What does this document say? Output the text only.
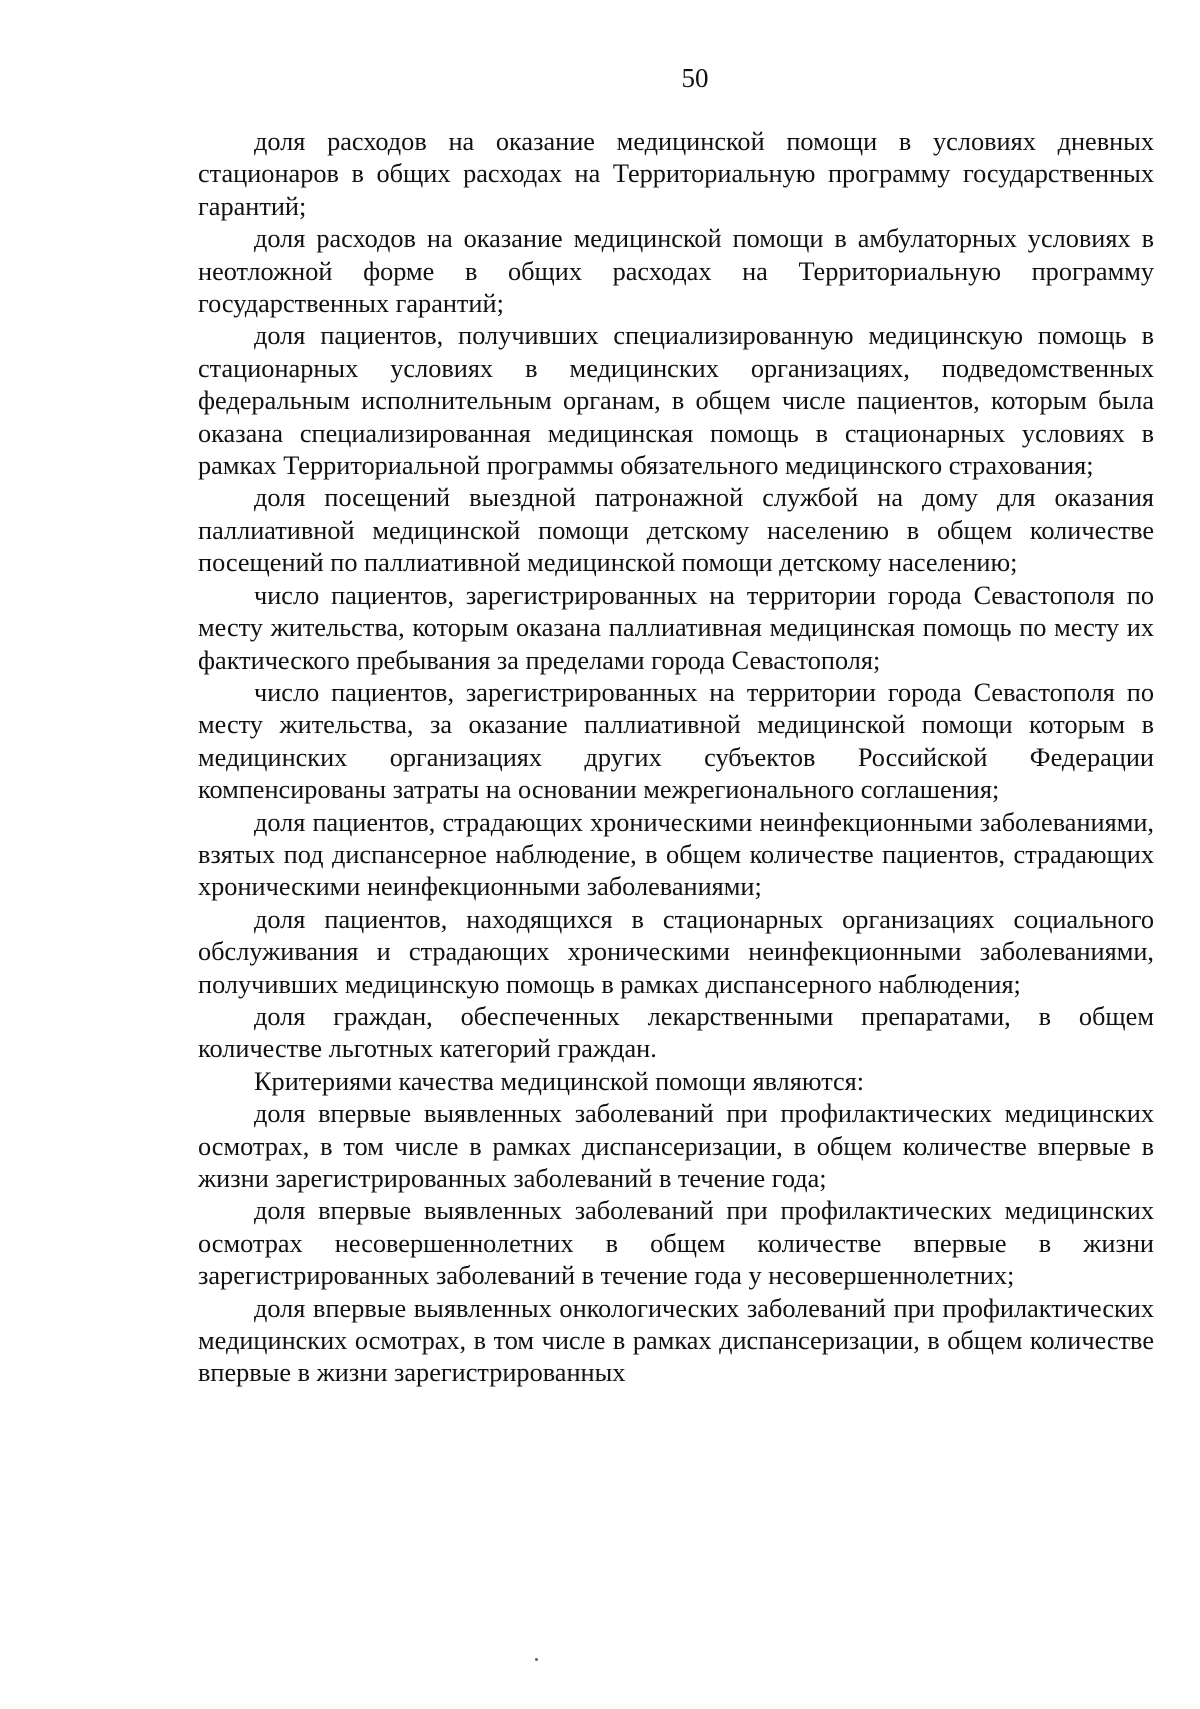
50

доля расходов на оказание медицинской помощи в условиях дневных стационаров в общих расходах на Территориальную программу государственных гарантий;

доля расходов на оказание медицинской помощи в амбулаторных условиях в неотложной форме в общих расходах на Территориальную программу государственных гарантий;

доля пациентов, получивших специализированную медицинскую помощь в стационарных условиях в медицинских организациях, подведомственных федеральным исполнительным органам, в общем числе пациентов, которым была оказана специализированная медицинская помощь в стационарных условиях в рамках Территориальной программы обязательного медицинского страхования;

доля посещений выездной патронажной службой на дому для оказания паллиативной медицинской помощи детскому населению в общем количестве посещений по паллиативной медицинской помощи детскому населению;

число пациентов, зарегистрированных на территории города Севастополя по месту жительства, которым оказана паллиативная медицинская помощь по месту их фактического пребывания за пределами города Севастополя;

число пациентов, зарегистрированных на территории города Севастополя по месту жительства, за оказание паллиативной медицинской помощи которым в медицинских организациях других субъектов Российской Федерации компенсированы затраты на основании межрегионального соглашения;

доля пациентов, страдающих хроническими неинфекционными заболеваниями, взятых под диспансерное наблюдение, в общем количестве пациентов, страдающих хроническими неинфекционными заболеваниями;

доля пациентов, находящихся в стационарных организациях социального обслуживания и страдающих хроническими неинфекционными заболеваниями, получивших медицинскую помощь в рамках диспансерного наблюдения;

доля граждан, обеспеченных лекарственными препаратами, в общем количестве льготных категорий граждан.

Критериями качества медицинской помощи являются:

доля впервые выявленных заболеваний при профилактических медицинских осмотрах, в том числе в рамках диспансеризации, в общем количестве впервые в жизни зарегистрированных заболеваний в течение года;

доля впервые выявленных заболеваний при профилактических медицинских осмотрах несовершеннолетних в общем количестве впервые в жизни зарегистрированных заболеваний в течение года у несовершеннолетних;

доля впервые выявленных онкологических заболеваний при профилактических медицинских осмотрах, в том числе в рамках диспансеризации, в общем количестве впервые в жизни зарегистрированных
